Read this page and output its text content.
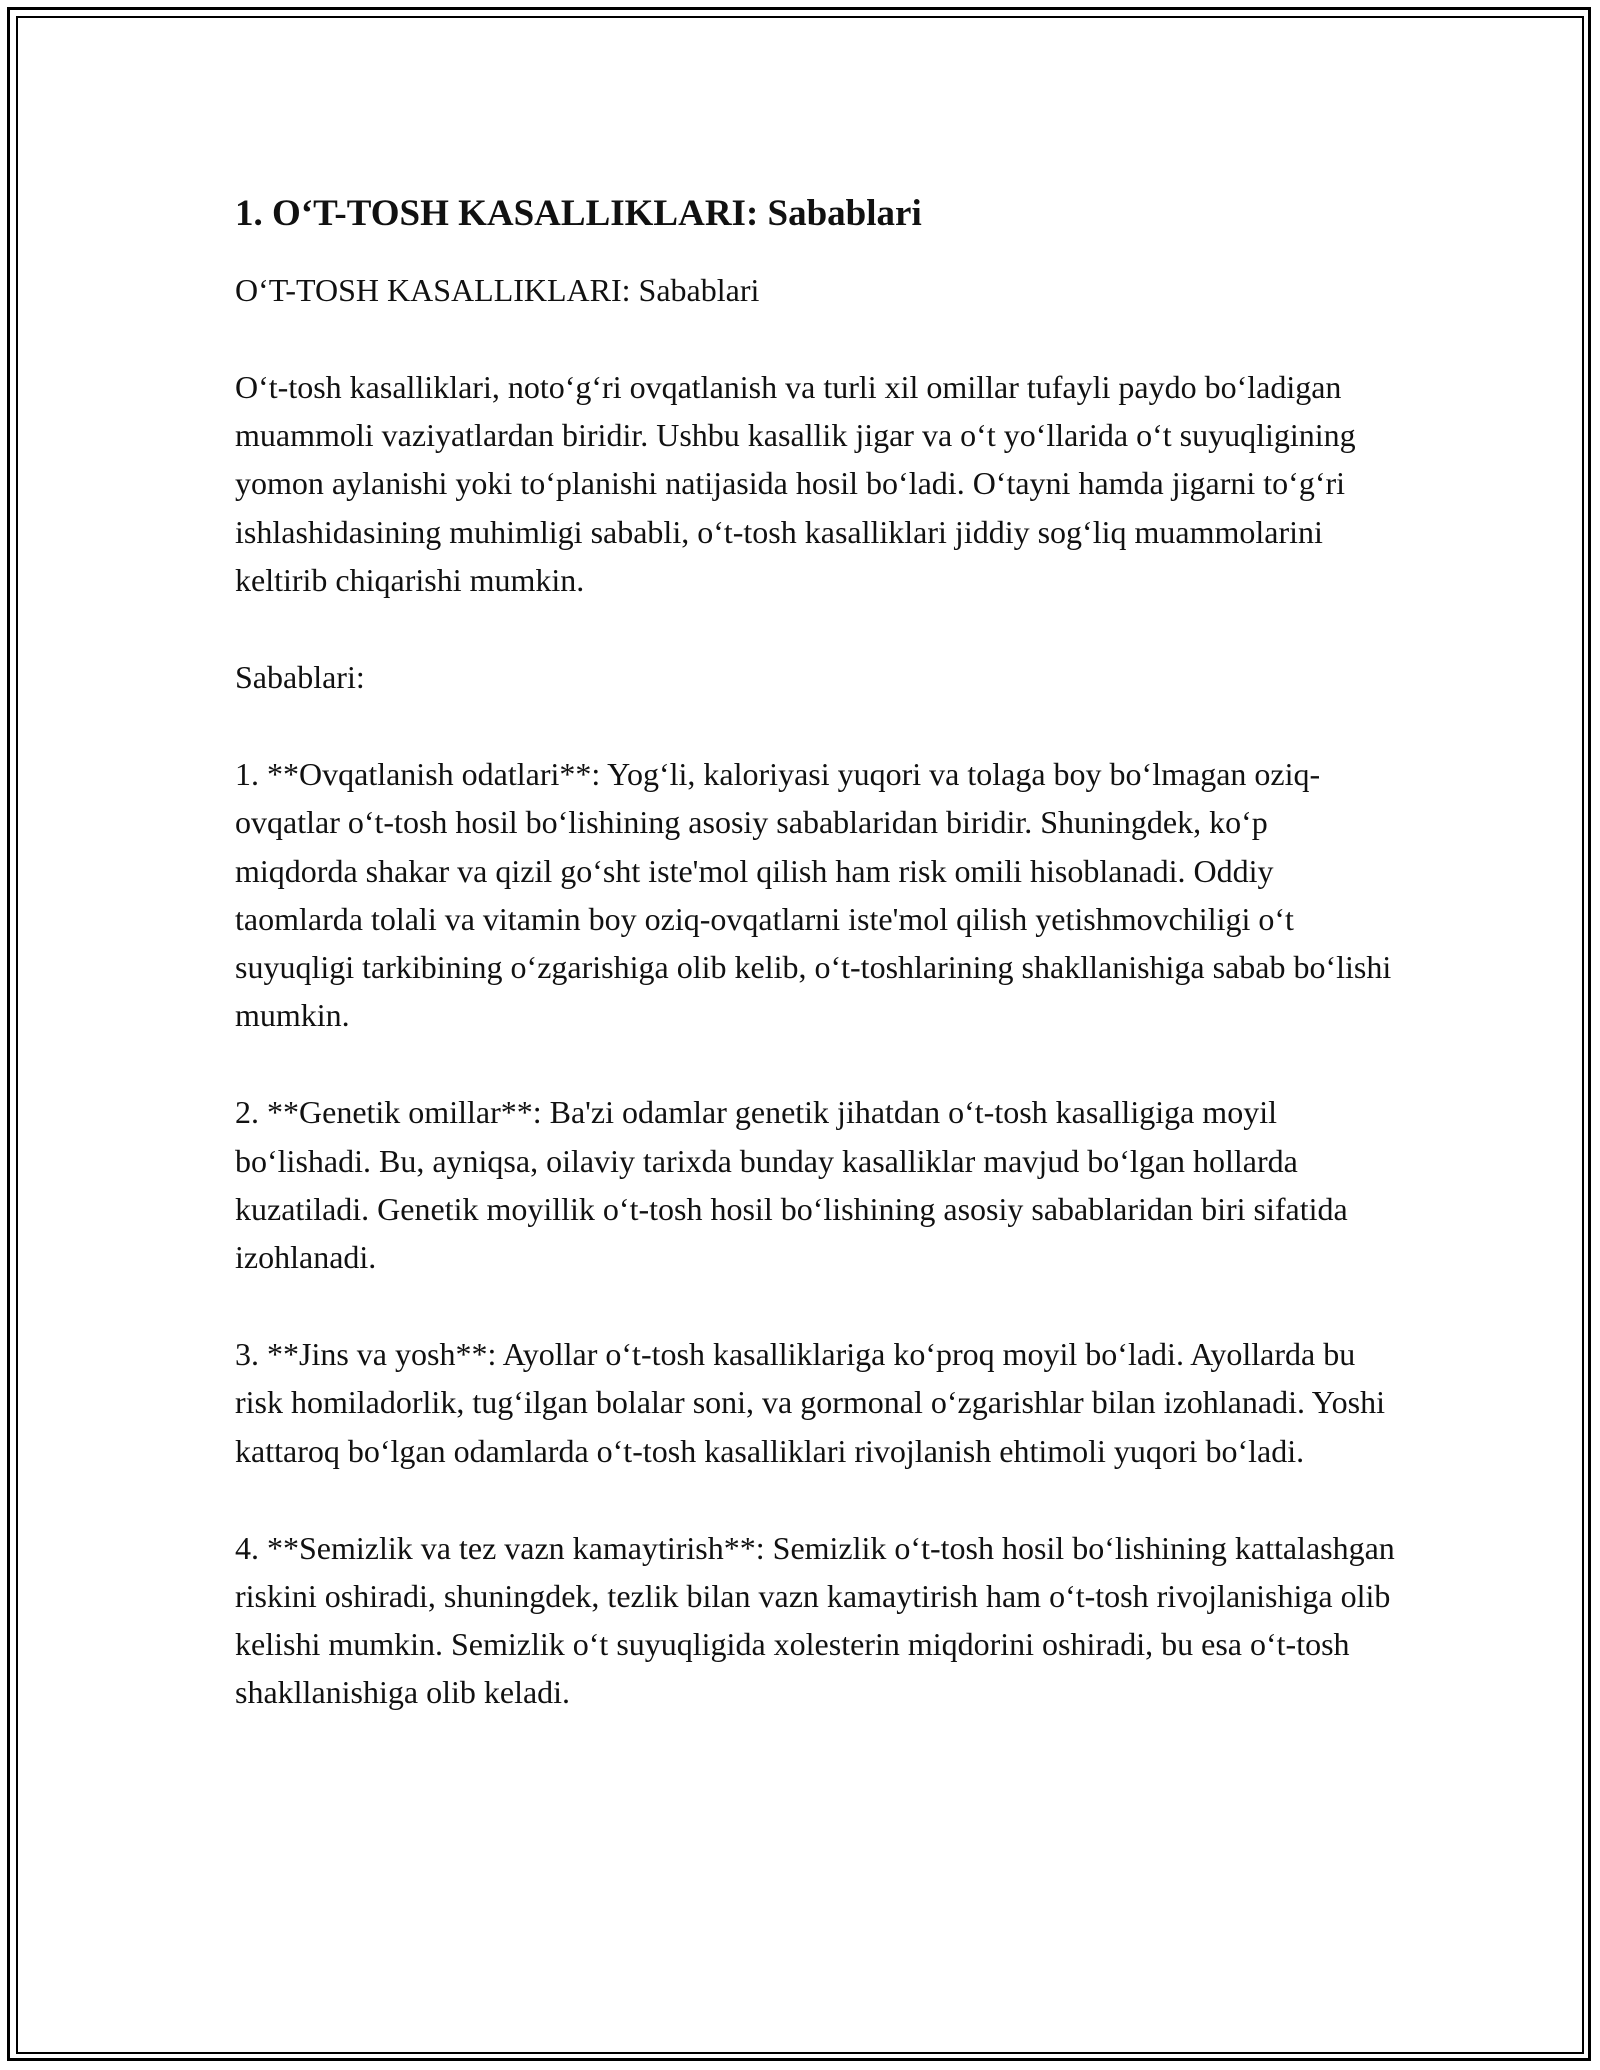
1. O‘T-TOSH KASALLIKLARI: Sabablari

O‘T-TOSH KASALLIKLARI: Sabablari

O‘t-tosh kasalliklari, noto‘g‘ri ovqatlanish va turli xil omillar tufayli paydo bo‘ladigan muammoli vaziyatlardan biridir. Ushbu kasallik jigar va o‘t yo‘llarida o‘t suyuqligining yomon aylanishi yoki to‘planishi natijasida hosil bo‘ladi. O‘tayni hamda jigarni to‘g‘ri ishlashidasining muhimligi sababli, o‘t-tosh kasalliklari jiddiy sog‘liq muammolarini keltirib chiqarishi mumkin.

Sabablari:

1. **Ovqatlanish odatlari**: Yog‘li, kaloriyasi yuqori va tolaga boy bo‘lmagan oziq-ovqatlar o‘t-tosh hosil bo‘lishining asosiy sabablaridan biridir. Shuningdek, ko‘p miqdorda shakar va qizil go‘sht iste'mol qilish ham risk omili hisoblanadi. Oddiy taomlarda tolali va vitamin boy oziq-ovqatlarni iste'mol qilish yetishmovchiligi o‘t suyuqligi tarkibining o‘zgarishiga olib kelib, o‘t-toshlarining shakllanishiga sabab bo‘lishi mumkin.

2. **Genetik omillar**: Ba'zi odamlar genetik jihatdan o‘t-tosh kasalligiga moyil bo‘lishadi. Bu, ayniqsa, oilaviy tarixda bunday kasalliklar mavjud bo‘lgan hollarda kuzatiladi. Genetik moyillik o‘t-tosh hosil bo‘lishining asosiy sabablaridan biri sifatida izohlanadi.

3. **Jins va yosh**: Ayollar o‘t-tosh kasalliklariga ko‘proq moyil bo‘ladi. Ayollarda bu risk homiladorlik, tug‘ilgan bolalar soni, va gormonal o‘zgarishlar bilan izohlanadi. Yoshi kattaroq bo‘lgan odamlarda o‘t-tosh kasalliklari rivojlanish ehtimoli yuqori bo‘ladi.

4. **Semizlik va tez vazn kamaytirish**: Semizlik o‘t-tosh hosil bo‘lishining kattalashgan riskini oshiradi, shuningdek, tezlik bilan vazn kamaytirish ham o‘t-tosh rivojlanishiga olib kelishi mumkin. Semizlik o‘t suyuqligida xolesterin miqdorini oshiradi, bu esa o‘t-tosh shakllanishiga olib keladi.
